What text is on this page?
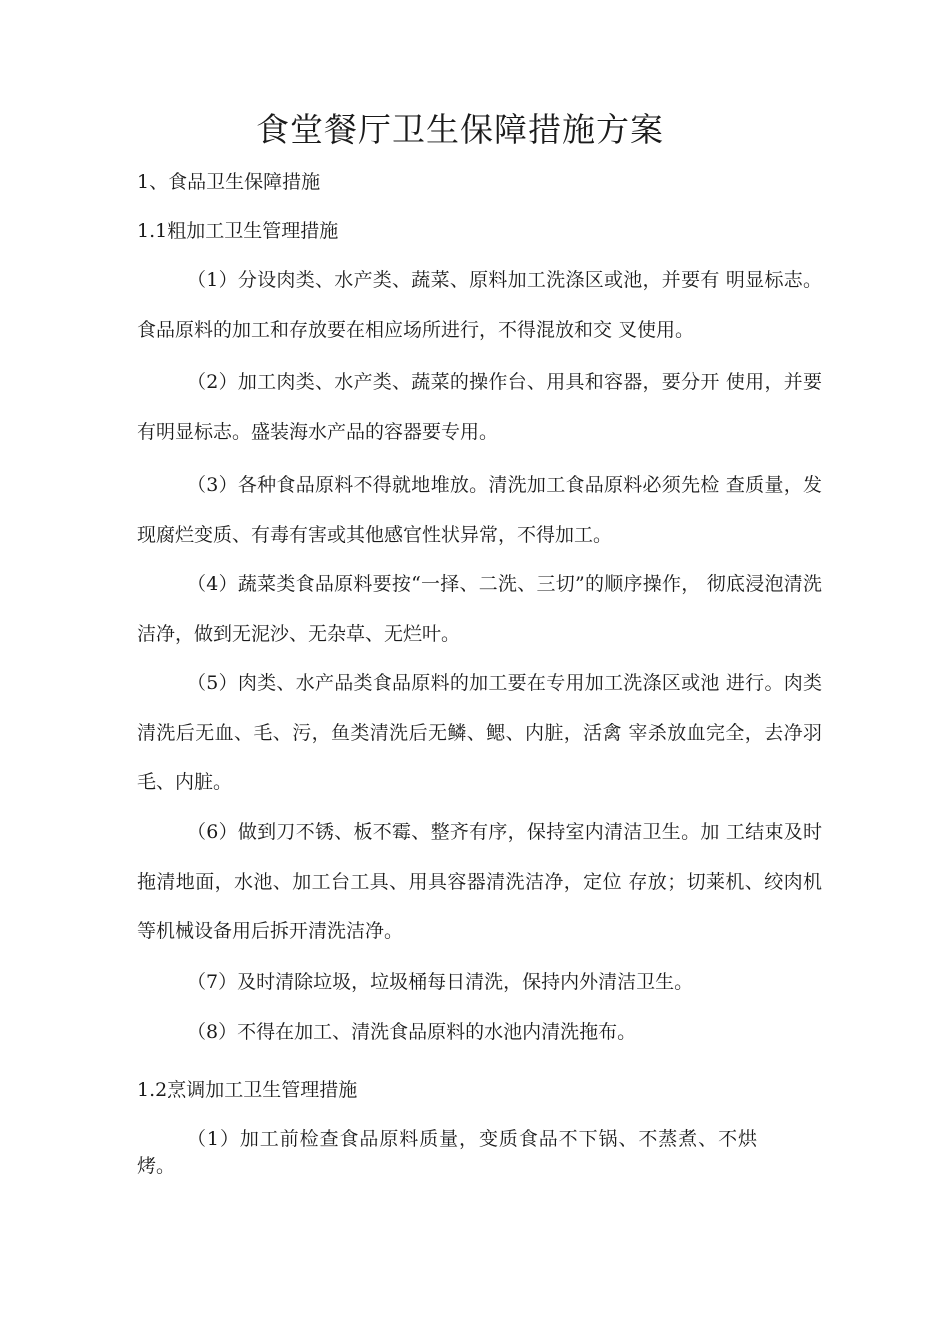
食堂餐厅卫生保障措施方案
1、食品卫生保障措施
1.1粗加工卫生管理措施

（1）分设肉类、水产类、蔬菜、原料加工洗涤区或池，并要有 明显标志。食品原料的加工和存放要在相应场所进行，不得混放和交 叉使用。

（2）加工肉类、水产类、蔬菜的操作台、用具和容器，要分开 使用，并要有明显标志。盛装海水产品的容器要专用。

（3）各种食品原料不得就地堆放。清洗加工食品原料必须先检 查质量，发现腐烂变质、有毒有害或其他感官性状异常，不得加工。

（4）蔬菜类食品原料要按“一择、二洗、三切”的顺序操作， 彻底浸泡清洗洁净，做到无泥沙、无杂草、无烂叶。

（5）肉类、水产品类食品原料的加工要在专用加工洗涤区或池 进行。肉类清洗后无血、毛、污，鱼类清洗后无鳞、鳃、内脏，活禽 宰杀放血完全，去净羽毛、内脏。

（6）做到刀不锈、板不霉、整齐有序，保持室内清洁卫生。加 工结束及时拖清地面，水池、加工台工具、用具容器清洗洁净，定位 存放；切莱机、绞肉机等机械设备用后拆开清洗洁净。

（7）及时清除垃圾，垃圾桶每日清洗，保持内外清洁卫生。

（8）不得在加工、清洗食品原料的水池内清洗拖布。

1.2烹调加工卫生管理措施

（1）加工前检查食品原料质量，变质食品不下锅、不蒸煮、不烘烤。
